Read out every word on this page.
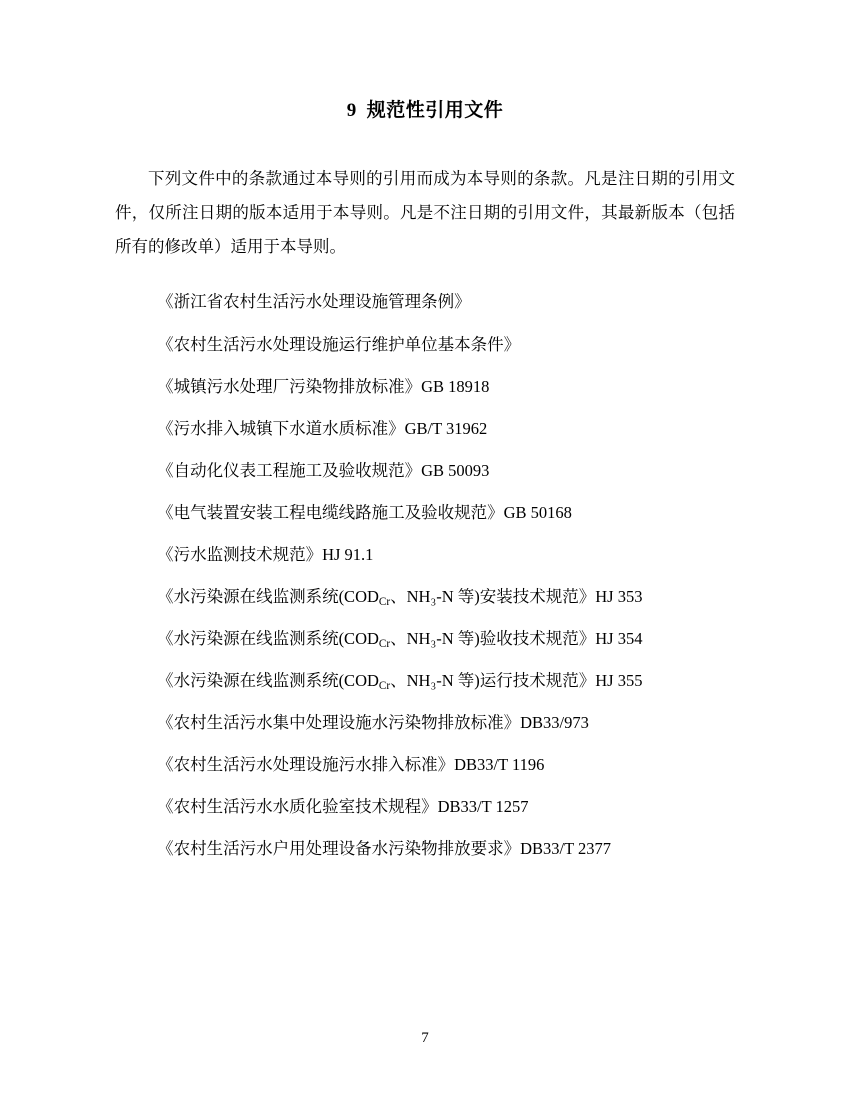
9 规范性引用文件

下列文件中的条款通过本导则的引用而成为本导则的条款。凡是注日期的引用文件，仅所注日期的版本适用于本导则。凡是不注日期的引用文件，其最新版本（包括所有的修改单）适用于本导则。

《浙江省农村生活污水处理设施管理条例》
《农村生活污水处理设施运行维护单位基本条件》
《城镇污水处理厂污染物排放标准》GB 18918
《污水排入城镇下水道水质标准》GB/T 31962
《自动化仪表工程施工及验收规范》GB 50093
《电气装置安装工程电缆线路施工及验收规范》GB 50168
《污水监测技术规范》HJ 91.1
《水污染源在线监测系统($COD_{Cr}$、NH₃-N 等)安装技术规范》HJ 353
《水污染源在线监测系统($COD_{Cr}$、NH₃-N 等)验收技术规范》HJ 354
《水污染源在线监测系统($COD_{Cr}$、NH₃-N 等)运行技术规范》HJ 355
《农村生活污水集中处理设施水污染物排放标准》DB33/973
《农村生活污水处理设施污水排入标准》DB33/T 1196
《农村生活污水水质化验室技术规程》DB33/T 1257
《农村生活污水户用处理设备水污染物排放要求》DB33/T 2377
7
